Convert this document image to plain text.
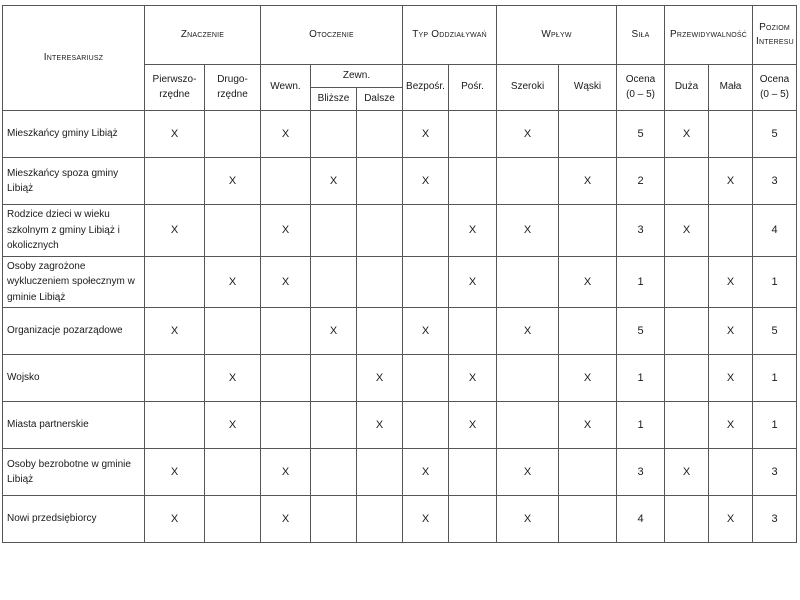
Interesariusz	Znaczenie		Otoczenie			Typ Oddziaływań		Wpływ		Siła	Przewidywalność		Poziom Interesu
	Pierwszo-rzędne	Drugo-rzędne	Wewn.	Zewn.		Bezpośr.	Pośr.	Szeroki	Wąski	Ocena (0 – 5)	Duża	Mała	Ocena (0 – 5)
				Bliższe	Dalsze								
Mieszkańcy gminy Libiąż	X		X			X		X		5	X		5
Mieszkańcy spoza gminy Libiąż		X		X		X			X	2		X	3
Rodzice dzieci w wieku szkolnym z gminy Libiąż i okolicznych	X		X				X	X		3	X		4
Osoby zagrożone wykluczeniem społecznym w gminie Libiąż		X	X				X		X	1		X	1
Organizacje pozarządowe	X			X		X		X		5		X	5
Wojsko		X			X		X		X	1		X	1
Miasta partnerskie		X			X		X		X	1		X	1
Osoby bezrobotne w gminie Libiąż	X		X			X		X		3	X		3
Nowi przedsiębiorcy	X		X			X		X		4		X	3
